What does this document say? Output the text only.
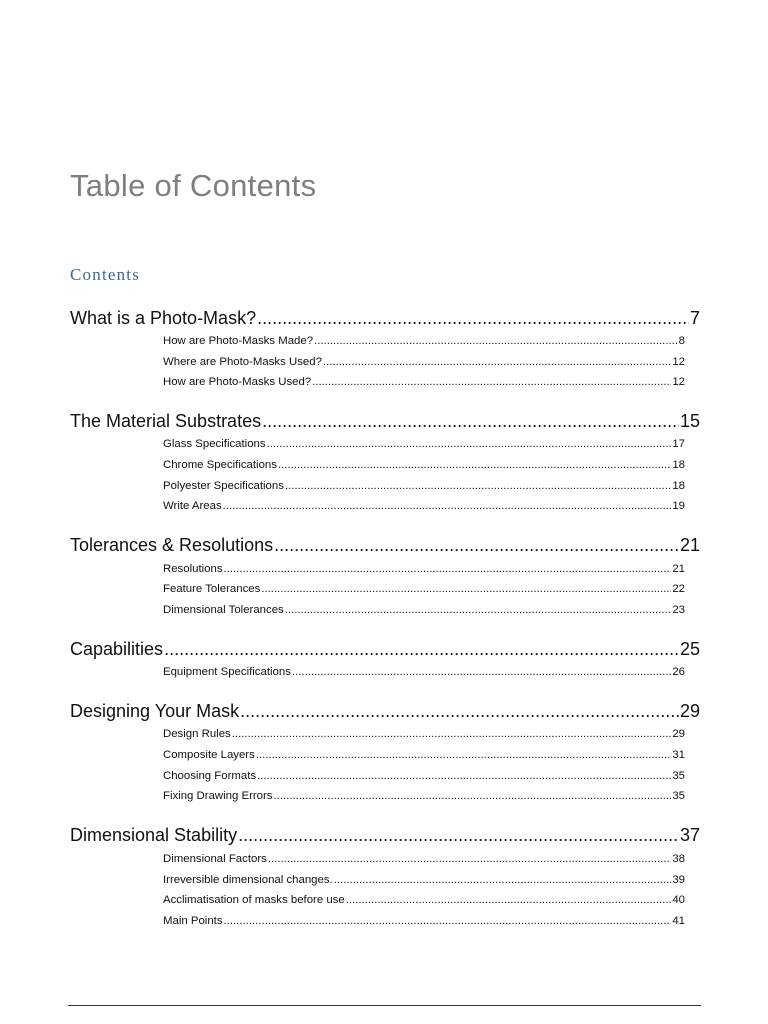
Table of Contents
Contents
What is a Photo-Mask? .....	7
How are Photo-Masks Made? .....	8
Where are Photo-Masks Used? .....	12
How are Photo-Masks Used? .....	12
The Material Substrates .....	15
Glass Specifications .....	17
Chrome Specifications .....	18
Polyester Specifications .....	18
Write Areas .....	19
Tolerances & Resolutions .....	21
Resolutions .....	21
Feature Tolerances .....	22
Dimensional Tolerances .....	23
Capabilities .....	25
Equipment Specifications .....	26
Designing Your Mask .....	29
Design Rules .....	29
Composite Layers .....	31
Choosing Formats .....	35
Fixing Drawing Errors .....	35
Dimensional Stability .....	37
Dimensional Factors .....	38
Irreversible dimensional changes. .....	39
Acclimatisation of masks before use .....	40
Main Points .....	41
